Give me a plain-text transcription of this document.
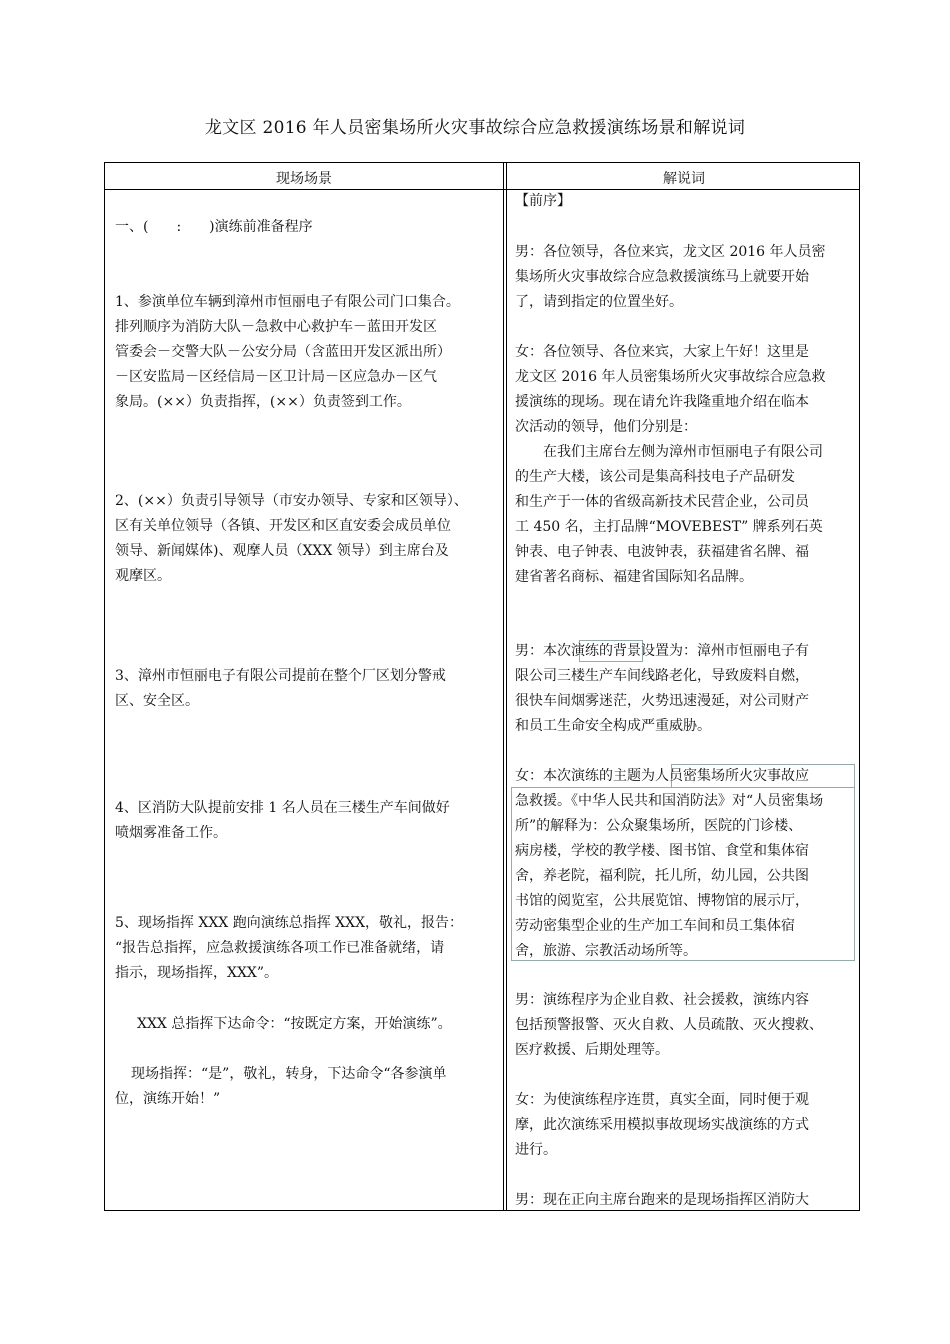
龙文区 2016 年人员密集场所火灾事故综合应急救援演练场景和解说词
现场场景	解说词
一、(　　:　　)演练前准备程序
1、参演单位车辆到漳州市恒丽电子有限公司门口集合。
排列顺序为消防大队－急救中心救护车－蓝田开发区
管委会－交警大队－公安分局（含蓝田开发区派出所）
－区安监局－区经信局－区卫计局－区应急办－区气
象局。(××）负责指挥，(××）负责签到工作。
2、(××）负责引导领导（市安办领导、专家和区领导）、
区有关单位领导（各镇、开发区和区直安委会成员单位
领导、新闻媒体)、观摩人员（XXX 领导）到主席台及
观摩区。
3、漳州市恒丽电子有限公司提前在整个厂区划分警戒
区、安全区。
4、区消防大队提前安排 1 名人员在三楼生产车间做好
喷烟雾准备工作。
5、现场指挥 XXX 跑向演练总指挥 XXX，敬礼，报告：
“报告总指挥，应急救援演练各项工作已准备就绪，请
指示，现场指挥，XXX”。
XXX 总指挥下达命令：“按既定方案，开始演练”。
现场指挥：“是”，敬礼，转身，下达命令“各参演单
位，演练开始！”
【前序】
男：各位领导，各位来宾，龙文区 2016 年人员密
集场所火灾事故综合应急救援演练马上就要开始
了，请到指定的位置坐好。
女：各位领导、各位来宾，大家上午好！这里是
龙文区 2016 年人员密集场所火灾事故综合应急救
援演练的现场。现在请允许我隆重地介绍在临本
次活动的领导，他们分别是：
　　在我们主席台左侧为漳州市恒丽电子有限公司
的生产大楼，该公司是集高科技电子产品研发
和生产于一体的省级高新技术民营企业，公司员
工 450 名，主打品牌“MOVEBEST” 牌系列石英
钟表、电子钟表、电波钟表，获福建省名牌、福
建省著名商标、福建省国际知名品牌。
男：本次演练的背景设置为：漳州市恒丽电子有
限公司三楼生产车间线路老化，导致废料自燃，
很快车间烟雾迷茫，火势迅速漫延，对公司财产
和员工生命安全构成严重威胁。
女：本次演练的主题为人员密集场所火灾事故应
急救援。《中华人民共和国消防法》对“人员密集场
所”的解释为：公众聚集场所，医院的门诊楼、
病房楼，学校的教学楼、图书馆、食堂和集体宿
舍，养老院，福利院，托儿所，幼儿园，公共图
书馆的阅览室，公共展览馆、博物馆的展示厅，
劳动密集型企业的生产加工车间和员工集体宿
舍，旅游、宗教活动场所等。
男：演练程序为企业自救、社会援救，演练内容
包括预警报警、灭火自救、人员疏散、灭火搜救、
医疗救援、后期处理等。
女：为使演练程序连贯，真实全面，同时便于观
摩，此次演练采用模拟事故现场实战演练的方式
进行。
男：现在正向主席台跑来的是现场指挥区消防大
